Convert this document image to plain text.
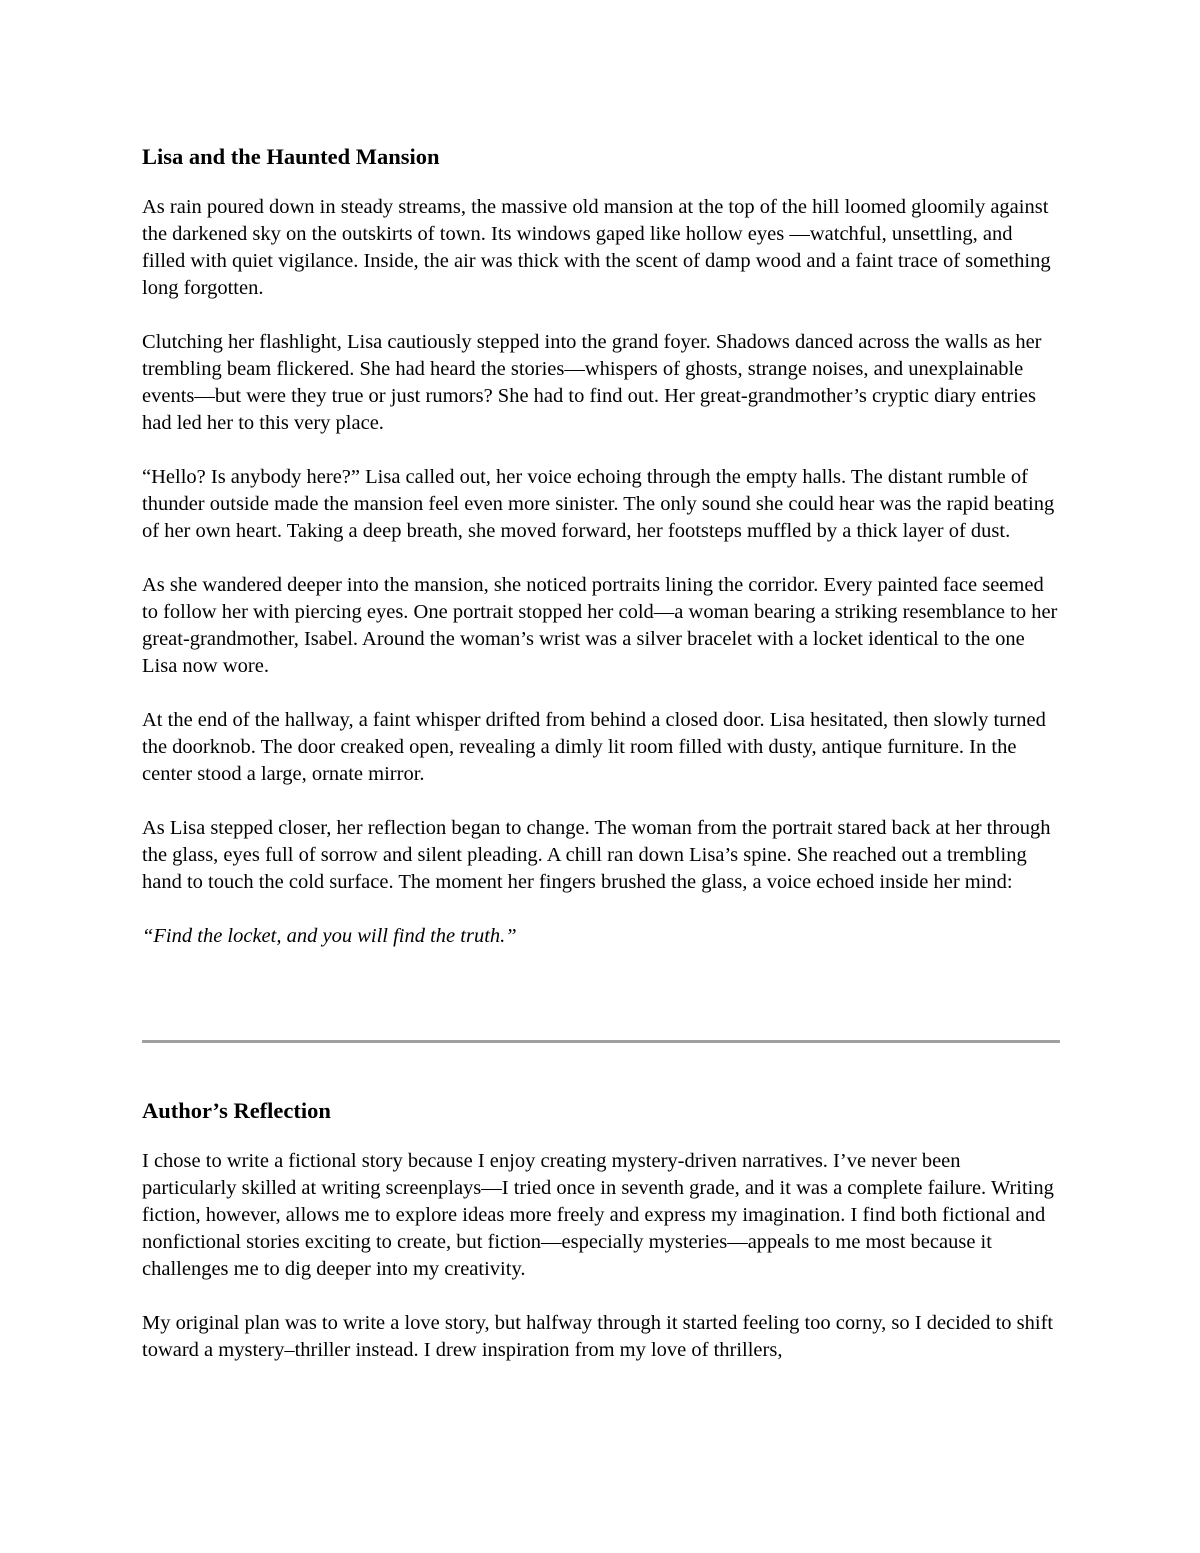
Lisa and the Haunted Mansion

As rain poured down in steady streams, the massive old mansion at the top of the hill loomed gloomily against the darkened sky on the outskirts of town. Its windows gaped like hollow eyes —watchful, unsettling, and filled with quiet vigilance. Inside, the air was thick with the scent of damp wood and a faint trace of something long forgotten.

Clutching her flashlight, Lisa cautiously stepped into the grand foyer. Shadows danced across the walls as her trembling beam flickered. She had heard the stories—whispers of ghosts, strange noises, and unexplainable events—but were they true or just rumors? She had to find out. Her great-grandmother’s cryptic diary entries had led her to this very place.

“Hello? Is anybody here?” Lisa called out, her voice echoing through the empty halls. The distant rumble of thunder outside made the mansion feel even more sinister. The only sound she could hear was the rapid beating of her own heart. Taking a deep breath, she moved forward, her footsteps muffled by a thick layer of dust.

As she wandered deeper into the mansion, she noticed portraits lining the corridor. Every painted face seemed to follow her with piercing eyes. One portrait stopped her cold—a woman bearing a striking resemblance to her great-grandmother, Isabel. Around the woman’s wrist was a silver bracelet with a locket identical to the one Lisa now wore.

At the end of the hallway, a faint whisper drifted from behind a closed door. Lisa hesitated, then slowly turned the doorknob. The door creaked open, revealing a dimly lit room filled with dusty, antique furniture. In the center stood a large, ornate mirror.

As Lisa stepped closer, her reflection began to change. The woman from the portrait stared back at her through the glass, eyes full of sorrow and silent pleading. A chill ran down Lisa’s spine. She reached out a trembling hand to touch the cold surface. The moment her fingers brushed the glass, a voice echoed inside her mind:

“Find the locket, and you will find the truth.”

Author’s Reflection

I chose to write a fictional story because I enjoy creating mystery-driven narratives. I’ve never been particularly skilled at writing screenplays—I tried once in seventh grade, and it was a complete failure. Writing fiction, however, allows me to explore ideas more freely and express my imagination. I find both fictional and nonfictional stories exciting to create, but fiction—especially mysteries—appeals to me most because it challenges me to dig deeper into my creativity.

My original plan was to write a love story, but halfway through it started feeling too corny, so I decided to shift toward a mystery–thriller instead. I drew inspiration from my love of thrillers,
